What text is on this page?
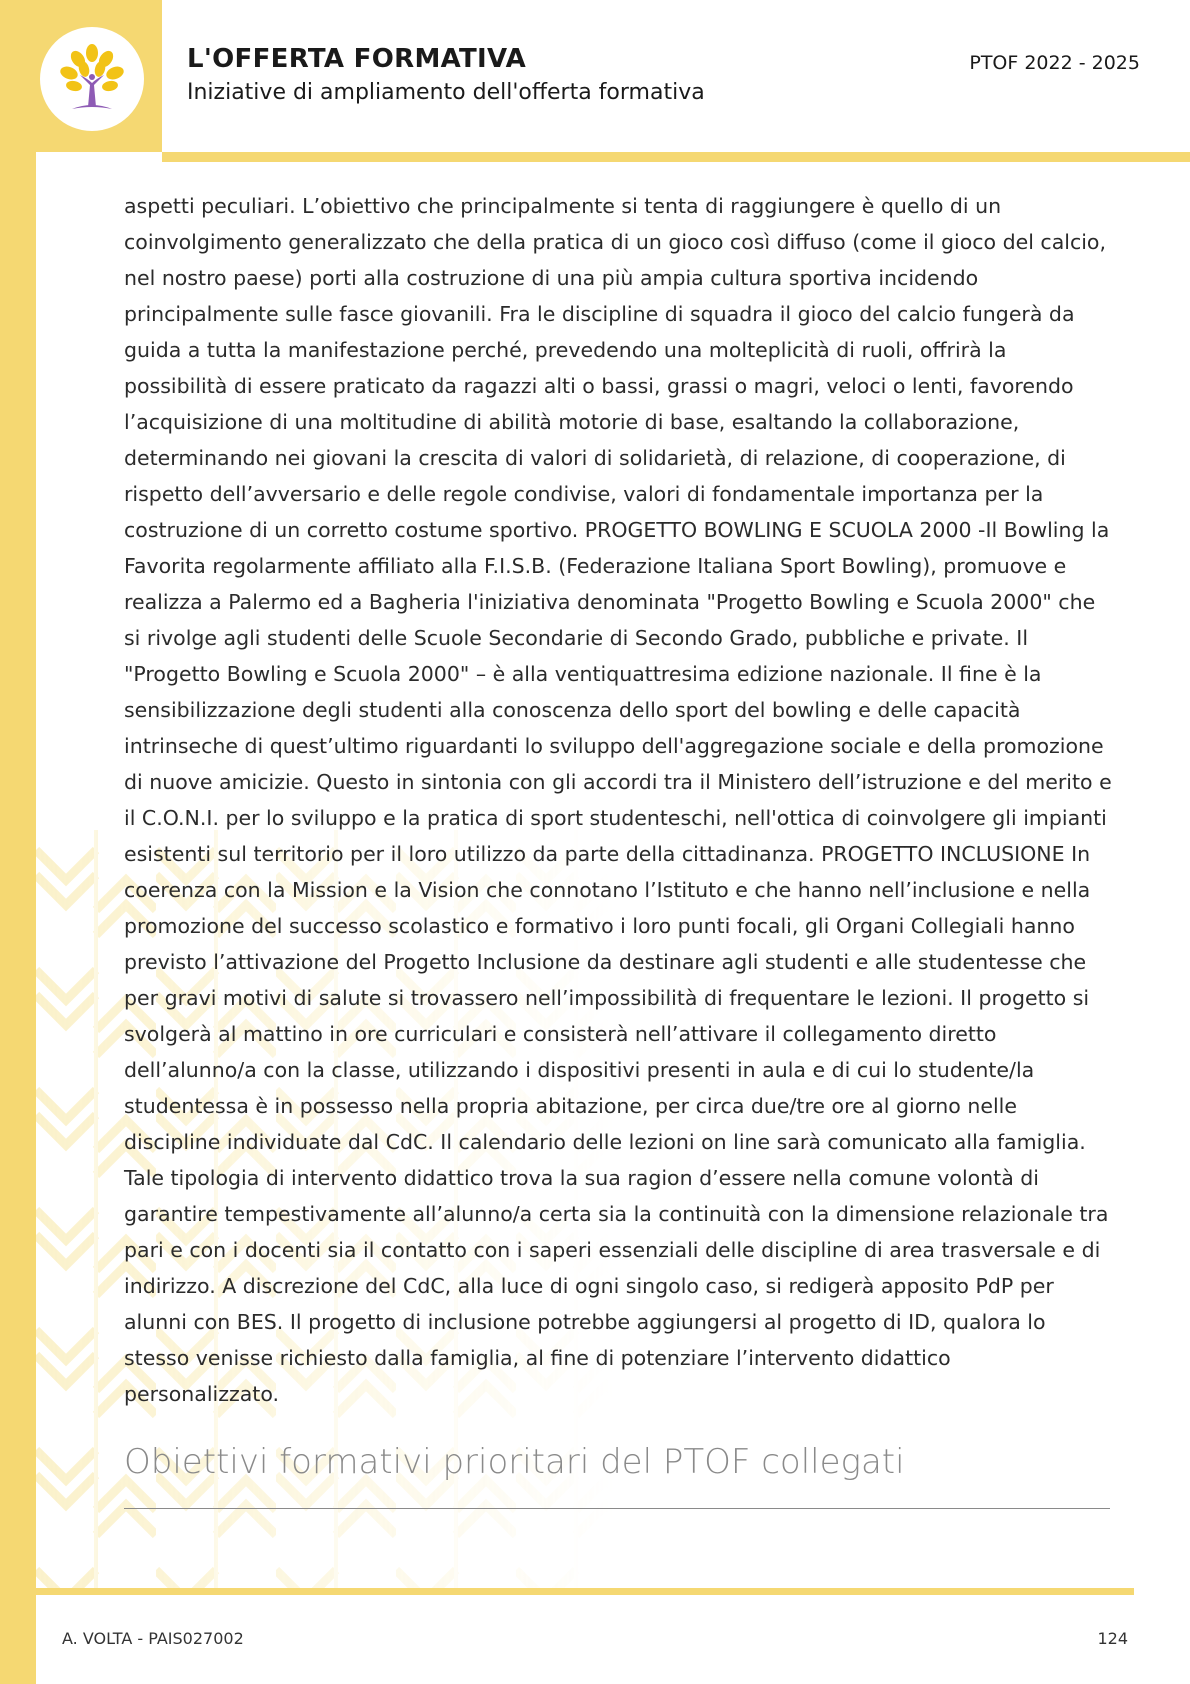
L'OFFERTA FORMATIVA
Iniziative di ampliamento dell'offerta formativa
PTOF 2022 - 2025

aspetti peculiari. L’obiettivo che principalmente si tenta di raggiungere è quello di un coinvolgimento generalizzato che della pratica di un gioco così diffuso (come il gioco del calcio, nel nostro paese) porti alla costruzione di una più ampia cultura sportiva incidendo principalmente sulle fasce giovanili. Fra le discipline di squadra il gioco del calcio fungerà da guida a tutta la manifestazione perché, prevedendo una molteplicità di ruoli, offrirà la possibilità di essere praticato da ragazzi alti o bassi, grassi o magri, veloci o lenti, favorendo l’acquisizione di una moltitudine di abilità motorie di base, esaltando la collaborazione, determinando nei giovani la crescita di valori di solidarietà, di relazione, di cooperazione, di rispetto dell’avversario e delle regole condivise, valori di fondamentale importanza per la costruzione di un corretto costume sportivo. PROGETTO BOWLING E SCUOLA 2000 -Il Bowling la Favorita regolarmente affiliato alla F.I.S.B. (Federazione Italiana Sport Bowling), promuove e realizza a Palermo ed a Bagheria l'iniziativa denominata "Progetto Bowling e Scuola 2000" che si rivolge agli studenti delle Scuole Secondarie di Secondo Grado, pubbliche e private. Il "Progetto Bowling e Scuola 2000" – è alla ventiquattresima edizione nazionale. Il fine è la sensibilizzazione degli studenti alla conoscenza dello sport del bowling e delle capacità intrinseche di quest’ultimo riguardanti lo sviluppo dell'aggregazione sociale e della promozione di nuove amicizie. Questo in sintonia con gli accordi tra il Ministero dell’istruzione e del merito e il C.O.N.I. per lo sviluppo e la pratica di sport studenteschi, nell'ottica di coinvolgere gli impianti esistenti sul territorio per il loro utilizzo da parte della cittadinanza. PROGETTO INCLUSIONE In coerenza con la Mission e la Vision che connotano l’Istituto e che hanno nell’inclusione e nella promozione del successo scolastico e formativo i loro punti focali, gli Organi Collegiali hanno previsto l’attivazione del Progetto Inclusione da destinare agli studenti e alle studentesse che per gravi motivi di salute si trovassero nell’impossibilità di frequentare le lezioni. Il progetto si svolgerà al mattino in ore curriculari e consisterà nell’attivare il collegamento diretto dell’alunno/a con la classe, utilizzando i dispositivi presenti in aula e di cui lo studente/la studentessa è in possesso nella propria abitazione, per circa due/tre ore al giorno nelle discipline individuate dal CdC. Il calendario delle lezioni on line sarà comunicato alla famiglia. Tale tipologia di intervento didattico trova la sua ragion d’essere nella comune volontà di garantire tempestivamente all’alunno/a certa sia la continuità con la dimensione relazionale tra pari e con i docenti sia il contatto con i saperi essenziali delle discipline di area trasversale e di indirizzo. A discrezione del CdC, alla luce di ogni singolo caso, si redigerà apposito PdP per alunni con BES. Il progetto di inclusione potrebbe aggiungersi al progetto di ID, qualora lo stesso venisse richiesto dalla famiglia, al fine di potenziare l’intervento didattico personalizzato.

Obiettivi formativi prioritari del PTOF collegati
A. VOLTA - PAIS027002	124
